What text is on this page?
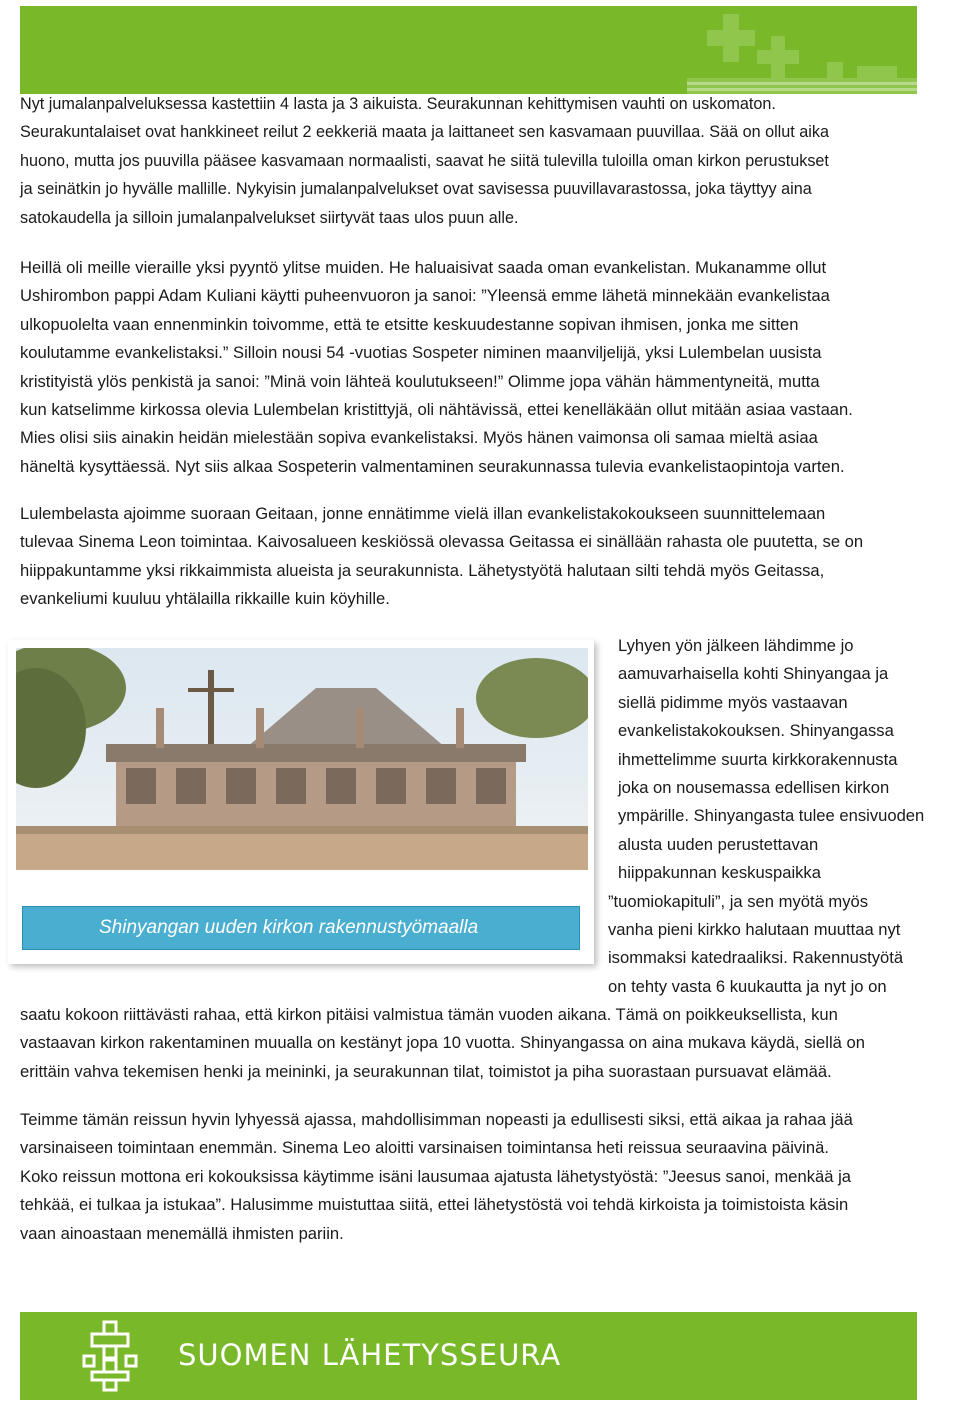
Nyt jumalanpalveluksessa kastettiin 4 lasta ja 3 aikuista. Seurakunnan kehittymisen vauhti on uskomaton.
Seurakuntalaiset ovat hankkineet reilut 2 eekkeriä maata ja laittaneet sen kasvamaan puuvillaa. Sää on ollut aika
huono, mutta jos puuvilla pääsee kasvamaan normaalisti, saavat he siitä tulevilla tuloilla oman kirkon perustukset
ja seinätkin jo hyvälle mallille. Nykyisin jumalanpalvelukset ovat savisessa puuvillavarastossa, joka täyttyy aina
satokaudella ja silloin jumalanpalvelukset siirtyvät taas ulos puun alle.
Heillä oli meille vieraille yksi pyyntö ylitse muiden. He haluaisivat saada oman evankelistan. Mukanamme ollut
Ushirombon pappi Adam Kuliani käytti puheenvuoron ja sanoi: ”Yleensä emme lähetä minnekään evankelistaa
ulkopuolelta vaan ennenminkin toivomme, että te etsitte keskuudestanne sopivan ihmisen, jonka me sitten
koulutamme evankelistaksi.” Silloin nousi 54 -vuotias Sospeter niminen maanviljelijä, yksi Lulembelan uusista
kristityistä ylös penkistä ja sanoi: ”Minä voin lähteä koulutukseen!” Olimme jopa vähän hämmentyneitä, mutta
kun katselimme kirkossa olevia Lulembelan kristittyjä, oli nähtävissä, ettei kenelläkään ollut mitään asiaa vastaan.
Mies olisi siis ainakin heidän mielestään sopiva evankelistaksi. Myös hänen vaimonsa oli samaa mieltä asiaa
häneltä kysyttäessä. Nyt siis alkaa Sospeterin valmentaminen seurakunnassa tulevia evankelistaopintoja varten.
Lulembelasta ajoimme suoraan Geitaan, jonne ennätimme vielä illan evankelistakokoukseen suunnittelemaan
tulevaa Sinema Leon toimintaa. Kaivosalueen keskiössä olevassa Geitassa ei sinällään rahasta ole puutetta, se on
hiippakuntamme yksi rikkaimmista alueista ja seurakunnista. Lähetystyötä halutaan silti tehdä myös Geitassa,
evankeliumi kuuluu yhtälailla rikkaille kuin köyhille.
Shinyangan uuden kirkon rakennustyömaalla
Lyhyen yön jälkeen lähdimme jo
aamuvarhaisella kohti Shinyangaa ja
siellä pidimme myös vastaavan
evankelistakokouksen. Shinyangassa
ihmettelimme suurta kirkkorakennusta
joka on nousemassa edellisen kirkon
ympärille. Shinyangasta tulee ensivuoden
alusta uuden perustettavan
hiippakunnan keskuspaikka
”tuomiokapituli”, ja sen myötä myös
vanha pieni kirkko halutaan muuttaa nyt
isommaksi katedraaliksi. Rakennustyötä
on tehty vasta 6 kuukautta ja nyt jo on
saatu kokoon riittävästi rahaa, että kirkon pitäisi valmistua tämän vuoden aikana. Tämä on poikkeuksellista, kun
vastaavan kirkon rakentaminen muualla on kestänyt jopa 10 vuotta. Shinyangassa on aina mukava käydä, siellä on
erittäin vahva tekemisen henki ja meininki, ja seurakunnan tilat, toimistot ja piha suorastaan pursuavat elämää.
Teimme tämän reissun hyvin lyhyessä ajassa, mahdollisimman nopeasti ja edullisesti siksi, että aikaa ja rahaa jää
varsinaiseen toimintaan enemmän. Sinema Leo aloitti varsinaisen toimintansa heti reissua seuraavina päivinä.
Koko reissun mottona eri kokouksissa käytimme isäni lausumaa ajatusta lähetystyöstä: ”Jeesus sanoi, menkää ja
tehkää, ei tulkaa ja istukaa”. Halusimme muistuttaa siitä, ettei lähetystöstä voi tehdä kirkoista ja toimistoista käsin
vaan ainoastaan menemällä ihmisten pariin.
SUOMEN LÄHETYSSEURA
